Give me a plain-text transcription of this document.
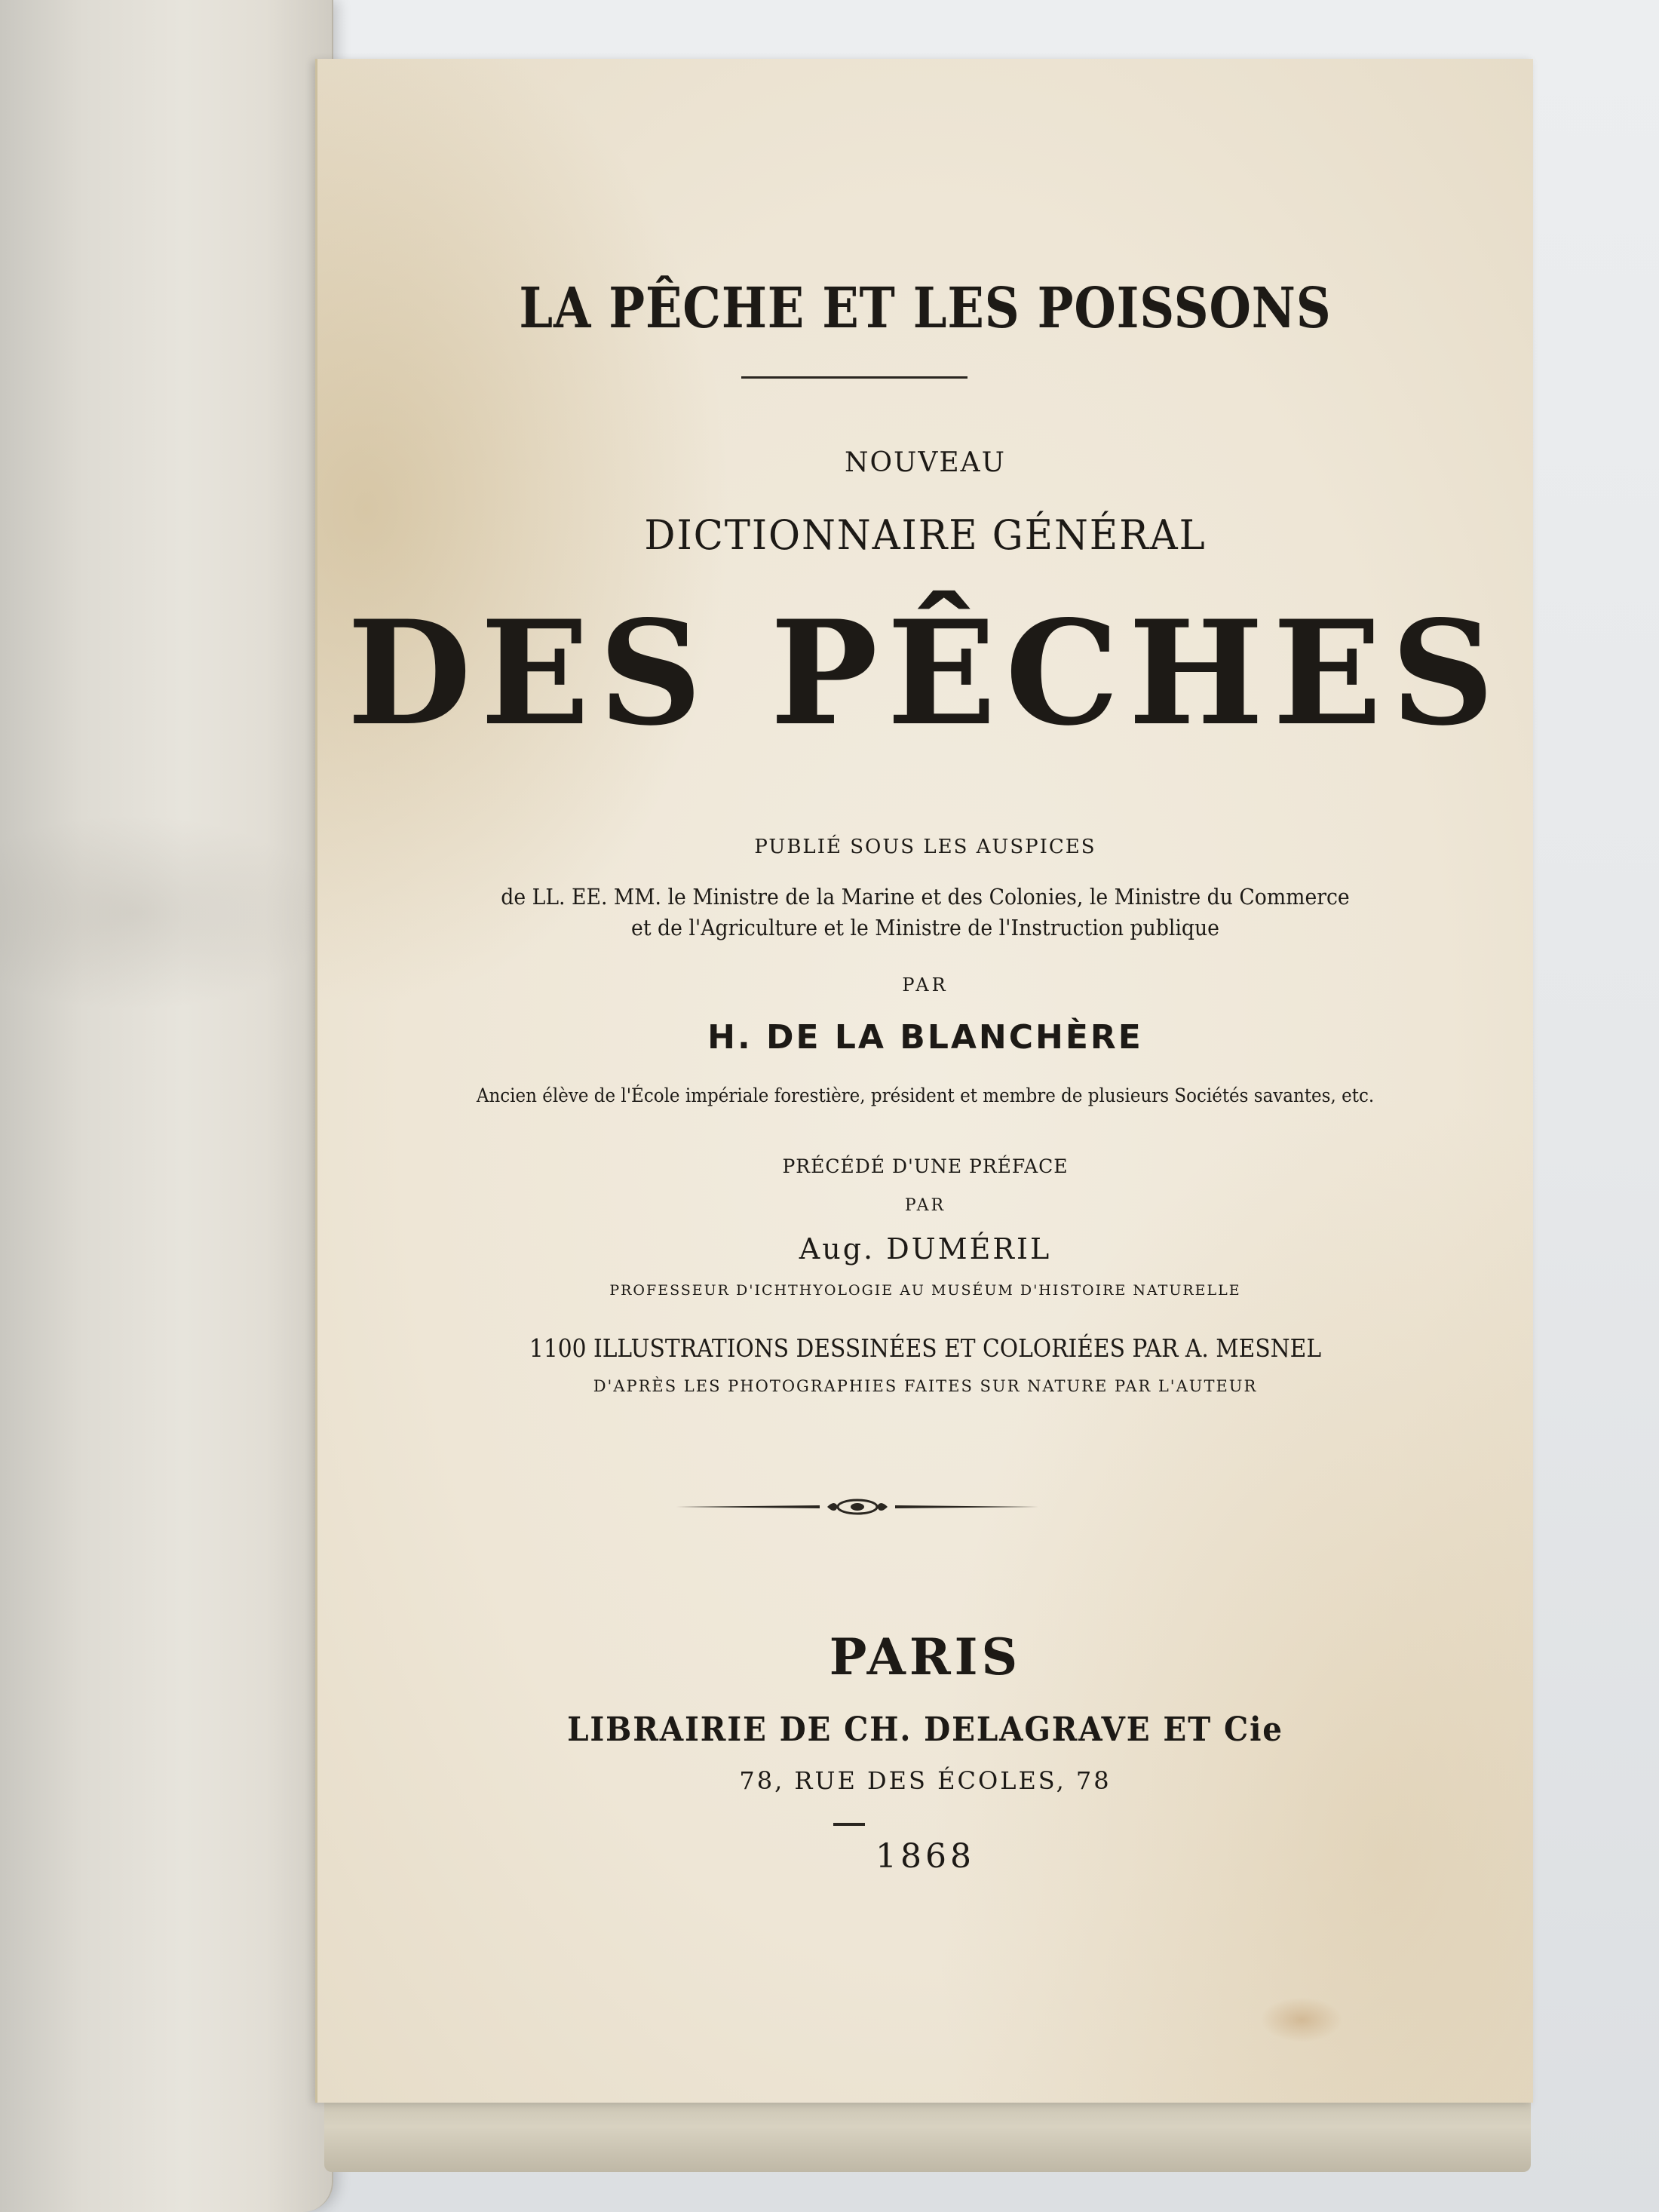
LA PÊCHE ET LES POISSONS
NOUVEAU
DICTIONNAIRE GÉNÉRAL
DES PÊCHES
PUBLIÉ SOUS LES AUSPICES
de LL. EE. MM. le Ministre de la Marine et des Colonies, le Ministre du Commerce
et de l'Agriculture et le Ministre de l'Instruction publique
PAR
H. DE LA BLANCHÈRE
Ancien élève de l'École impériale forestière, président et membre de plusieurs Sociétés savantes, etc.
PRÉCÉDÉ D'UNE PRÉFACE
PAR
Aug. DUMÉRIL
PROFESSEUR D'ICHTHYOLOGIE AU MUSÉUM D'HISTOIRE NATURELLE
1100 ILLUSTRATIONS DESSINÉES ET COLORIÉES PAR A. MESNEL
D'APRÈS LES PHOTOGRAPHIES FAITES SUR NATURE PAR L'AUTEUR
PARIS
LIBRAIRIE DE CH. DELAGRAVE ET Cie
78, RUE DES ÉCOLES, 78
1868
